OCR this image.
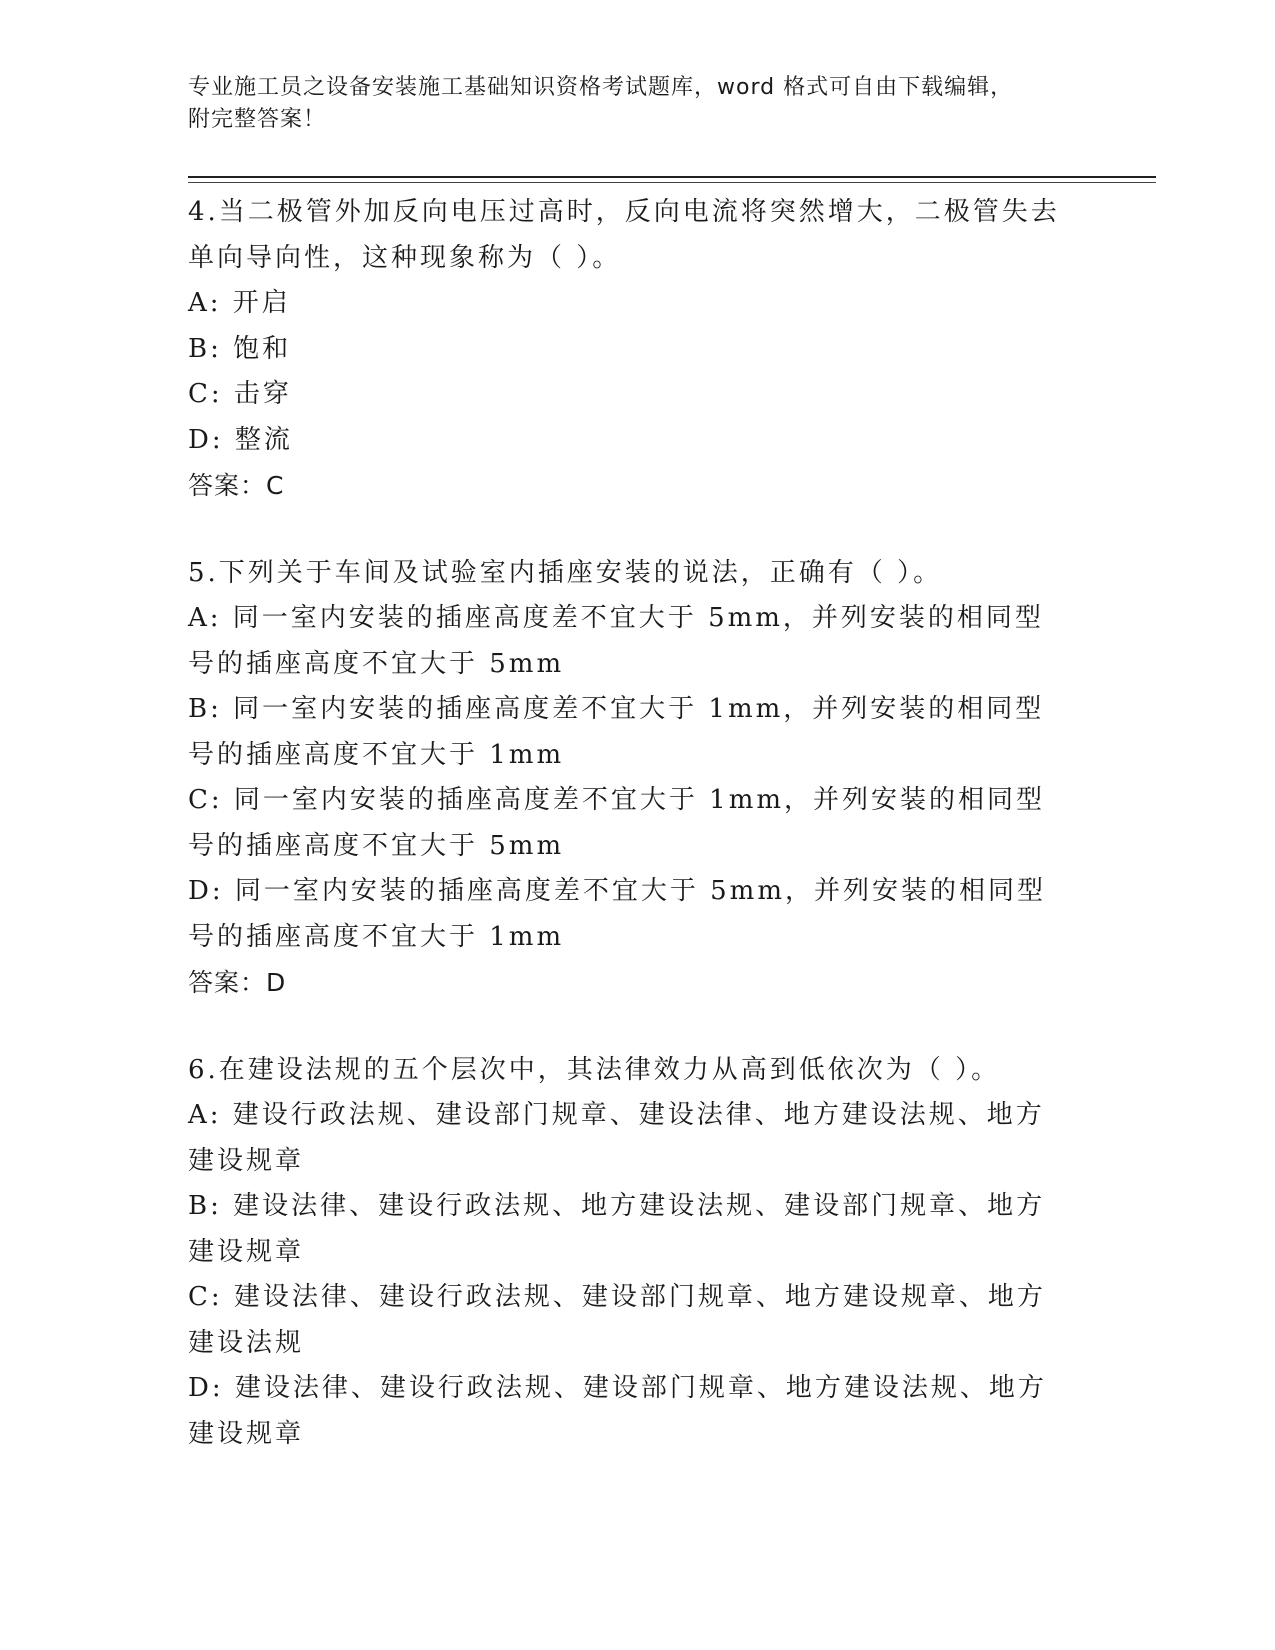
专业施工员之设备安装施工基础知识资格考试题库，word 格式可自由下载编辑，
附完整答案！
4.当二极管外加反向电压过高时，反向电流将突然增大，二极管失去单向导向性，这种现象称为（ ）。
A: 开启
B: 饱和
C: 击穿
D: 整流
答案：C
5.下列关于车间及试验室内插座安装的说法，正确有（ ）。
A: 同一室内安装的插座高度差不宜大于 5mm，并列安装的相同型号的插座高度不宜大于 5mm
B: 同一室内安装的插座高度差不宜大于 1mm，并列安装的相同型号的插座高度不宜大于 1mm
C: 同一室内安装的插座高度差不宜大于 1mm，并列安装的相同型号的插座高度不宜大于 5mm
D: 同一室内安装的插座高度差不宜大于 5mm，并列安装的相同型号的插座高度不宜大于 1mm
答案：D
6.在建设法规的五个层次中，其法律效力从高到低依次为（ ）。
A: 建设行政法规、建设部门规章、建设法律、地方建设法规、地方建设规章
B: 建设法律、建设行政法规、地方建设法规、建设部门规章、地方建设规章
C: 建设法律、建设行政法规、建设部门规章、地方建设规章、地方建设法规
D: 建设法律、建设行政法规、建设部门规章、地方建设法规、地方建设规章
